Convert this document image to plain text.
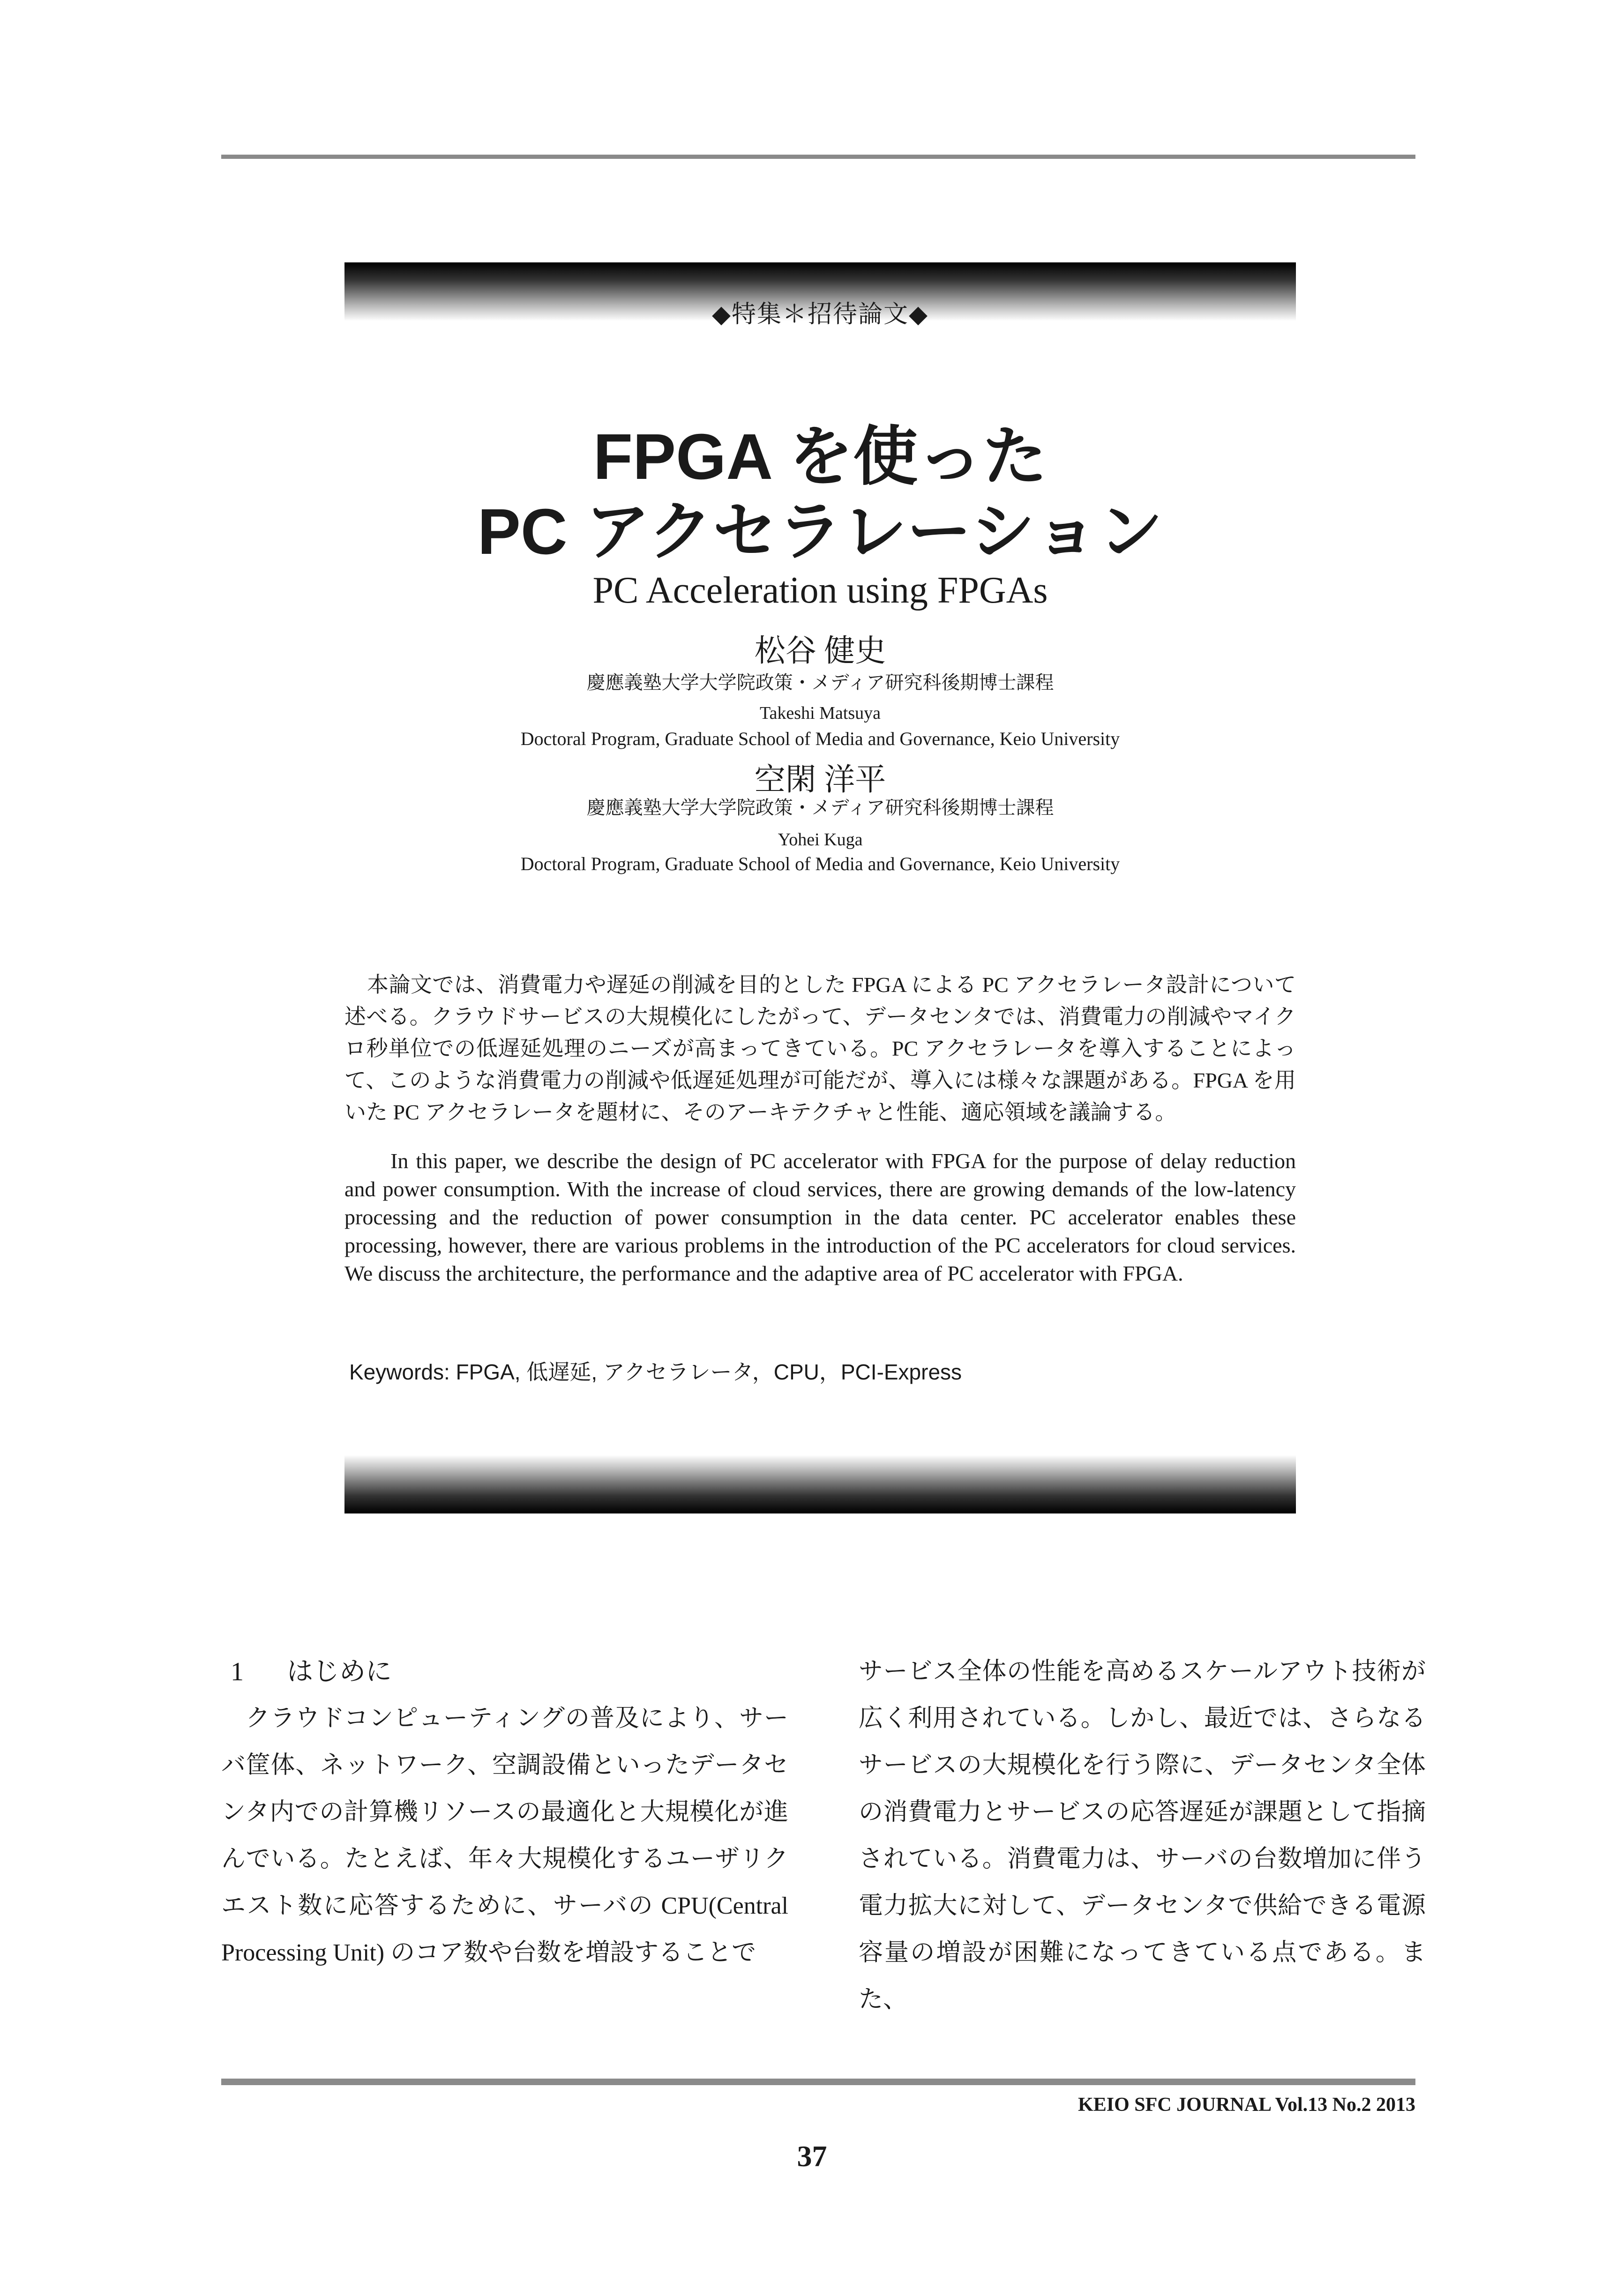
◆特集＊招待論文◆
FPGA を使った
PC アクセラレーション
PC Acceleration using FPGAs
松谷 健史
慶應義塾大学大学院政策・メディア研究科後期博士課程
Takeshi Matsuya
Doctoral Program, Graduate School of Media and Governance, Keio University
空閑 洋平
慶應義塾大学大学院政策・メディア研究科後期博士課程
Yohei Kuga
Doctoral Program, Graduate School of Media and Governance, Keio University
本論文では、消費電力や遅延の削減を目的とした FPGA による PC アクセラレータ設計について述べる。クラウドサービスの大規模化にしたがって、データセンタでは、消費電力の削減やマイクロ秒単位での低遅延処理のニーズが高まってきている。PC アクセラレータを導入することによって、このような消費電力の削減や低遅延処理が可能だが、導入には様々な課題がある。FPGA を用いた PC アクセラレータを題材に、そのアーキテクチャと性能、適応領域を議論する。
In this paper, we describe the design of PC accelerator with FPGA for the purpose of delay reduction and power consumption. With the increase of cloud services, there are growing demands of the low-latency processing and the reduction of power consumption in the data center. PC accelerator enables these processing, however, there are various problems in the introduction of the PC accelerators for cloud services. We discuss the architecture, the performance and the adaptive area of PC accelerator with FPGA.
Keywords: FPGA, 低遅延, アクセラレータ，CPU，PCI-Express
1 はじめに

クラウドコンピューティングの普及により、サーバ筐体、ネットワーク、空調設備といったデータセンタ内での計算機リソースの最適化と大規模化が進んでいる。たとえば、年々大規模化するユーザリクエスト数に応答するために、サーバの CPU(Central Processing Unit) のコア数や台数を増設することで

サービス全体の性能を高めるスケールアウト技術が広く利用されている。しかし、最近では、さらなるサービスの大規模化を行う際に、データセンタ全体の消費電力とサービスの応答遅延が課題として指摘されている。消費電力は、サーバの台数増加に伴う電力拡大に対して、データセンタで供給できる電源容量の増設が困難になってきている点である。また、

KEIO SFC JOURNAL Vol.13 No.2 2013
37
